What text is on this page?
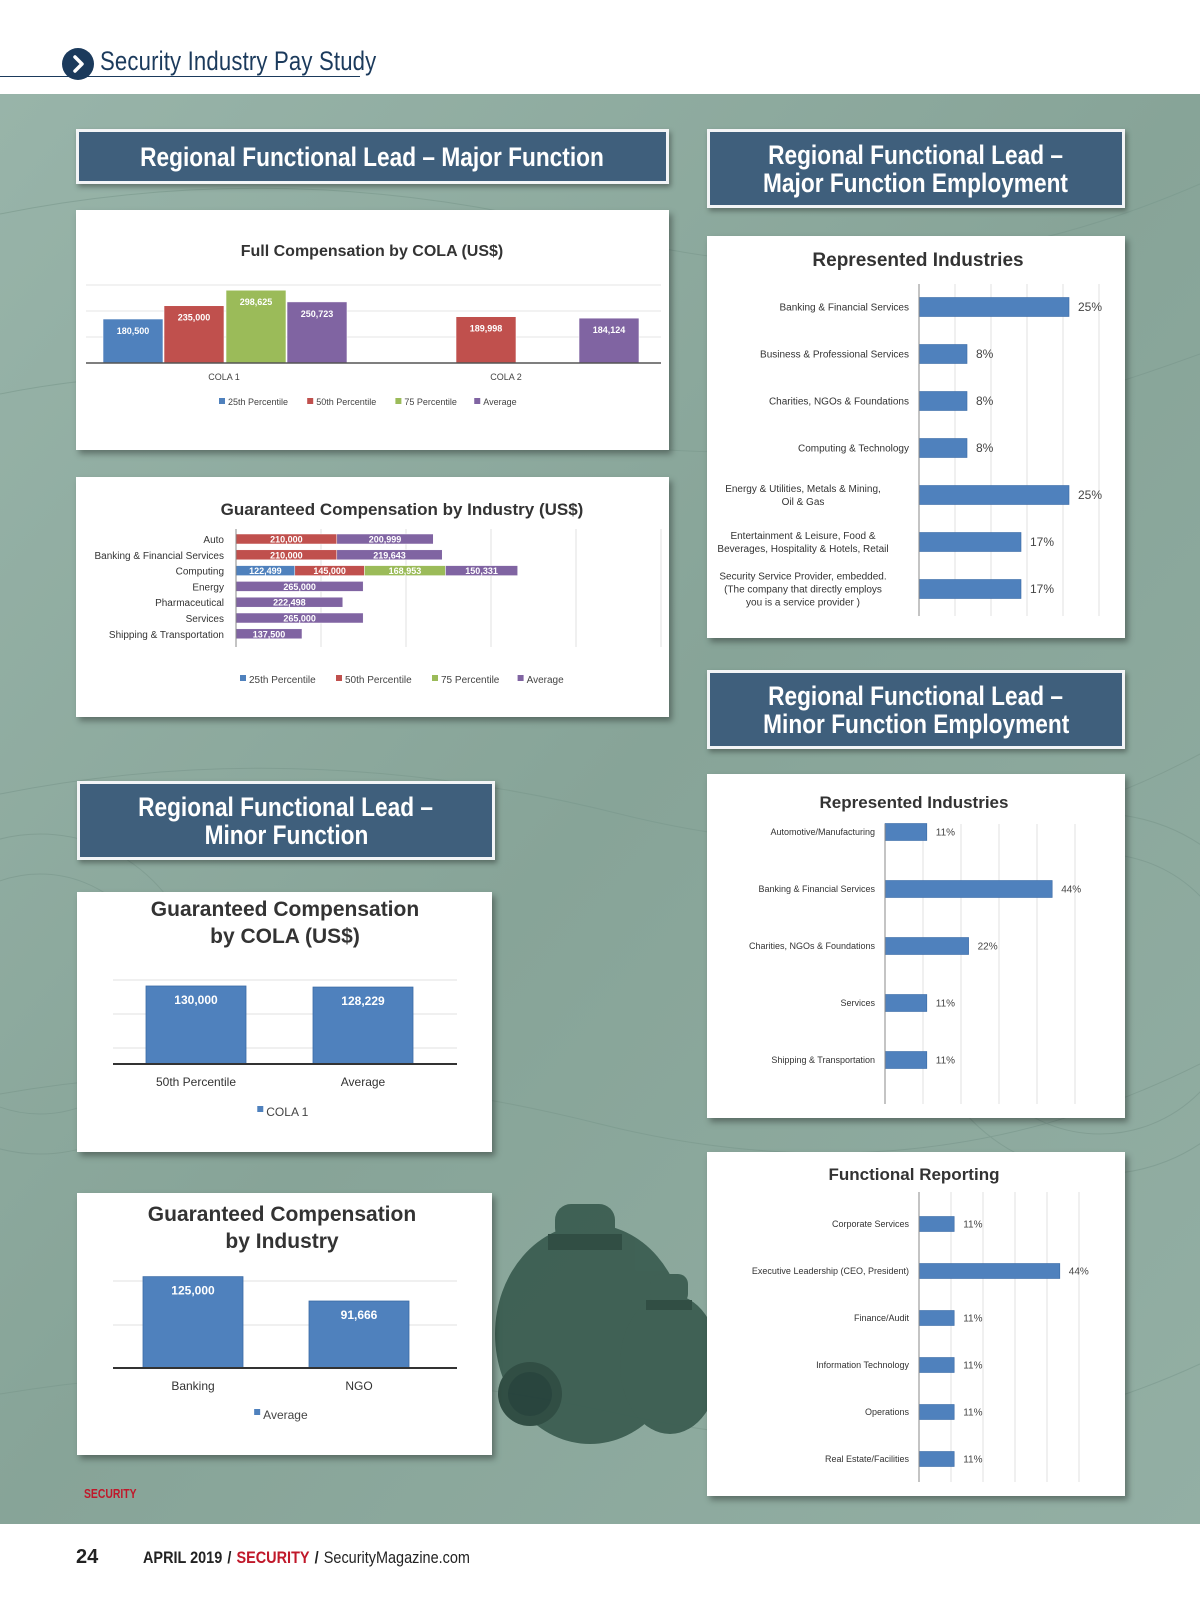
Security Industry Pay Study
Regional Functional Lead – Major Function	Regional Functional Lead –
Major Function Employment
Regional Functional Lead –
Minor Function Employment
Regional Functional Lead –
Minor Function
Full Compensation by COLA (US$)
180,500
235,000
298,625
250,723
COLA 1
189,998	184,124
COLA 2
25th Percentile	50th Percentile	75 Percentile	Average
Guaranteed Compensation by Industry (US$)
Auto	210,000	200,999
Banking & Financial Services	210,000	219,643
Computing	122,499	145,000	168,953	150,331
Energy	265,000
Pharmaceutical	222,498
Services	265,000
Shipping & Transportation	137,500
25th Percentile	50th Percentile	75 Percentile	Average
Represented Industries
Banking & Financial Services	25%
Business & Professional Services	8%
Charities, NGOs & Foundations	8%
Computing & Technology	8%
Energy & Utilities, Metals & Mining,
Oil & Gas
25%
Entertainment & Leisure, Food &
Beverages, Hospitality & Hotels, Retail
17%
Security Service Provider, embedded.
(The company that directly employs
you is a service provider )
17%
Represented Industries
Automotive/Manufacturing	11%
Banking & Financial Services	44%
Charities, NGOs & Foundations	22%
Services	11%
Shipping & Transportation	11%
Guaranteed Compensation
by COLA (US$)
130,000
50th Percentile
128,229
Average
COLA 1
Guaranteed Compensation
by Industry
125,000
Banking
91,666
NGO
Average
Functional Reporting
Corporate Services	11%
Executive Leadership (CEO, President)	44%
Finance/Audit	11%
Information Technology	11%
Operations	11%
Real Estate/Facilities	11%
SECURITY
24	APRIL 2019 / SECURITY / SecurityMagazine.com
